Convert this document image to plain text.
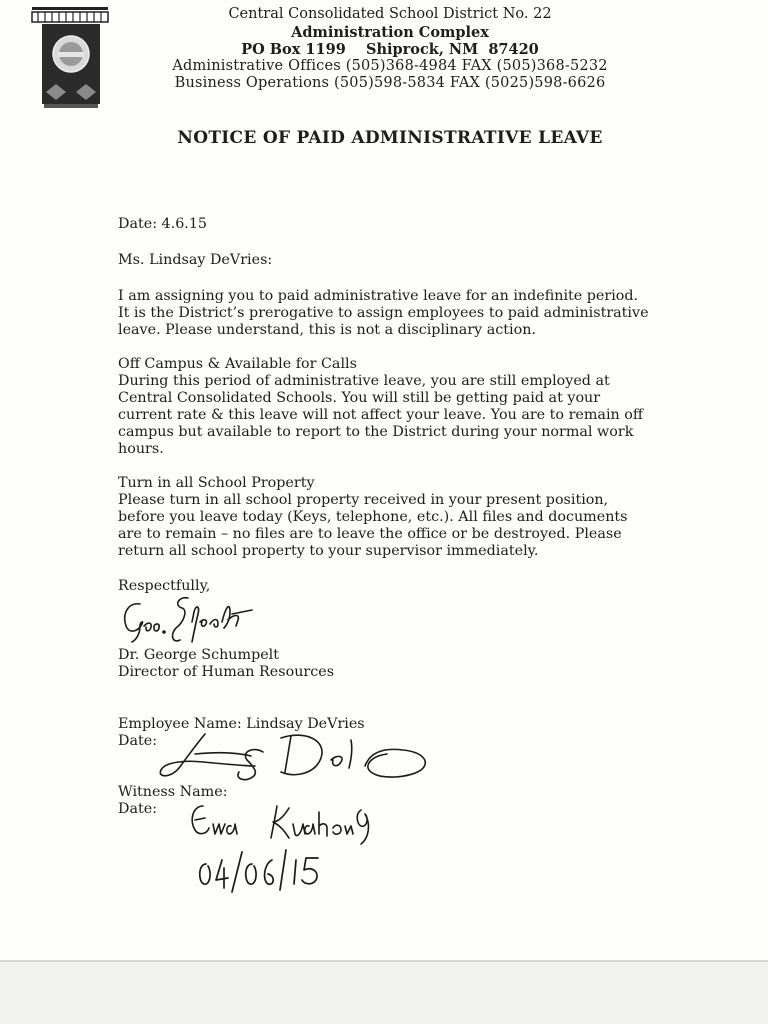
Central Consolidated School District No. 22
Administration Complex
PO Box 1199    Shiprock, NM  87420
Administrative Offices (505)368-4984 FAX (505)368-5232
Business Operations (505)598-5834 FAX (5025)598-6626
NOTICE OF PAID ADMINISTRATIVE LEAVE
Date: 4.6.15
Ms. Lindsay DeVries:
I am assigning you to paid administrative leave for an indefinite period.
It is the District’s prerogative to assign employees to paid administrative
leave. Please understand, this is not a disciplinary action.
Off Campus & Available for Calls
During this period of administrative leave, you are still employed at
Central Consolidated Schools. You will still be getting paid at your
current rate & this leave will not affect your leave. You are to remain off
campus but available to report to the District during your normal work
hours.
Turn in all School Property
Please turn in all school property received in your present position,
before you leave today (Keys, telephone, etc.). All files and documents
are to remain – no files are to leave the office or be destroyed. Please
return all school property to your supervisor immediately.
Respectfully,
Dr. George Schumpelt
Director of Human Resources
Employee Name: Lindsay DeVries
Date:
Witness Name:
Date:
